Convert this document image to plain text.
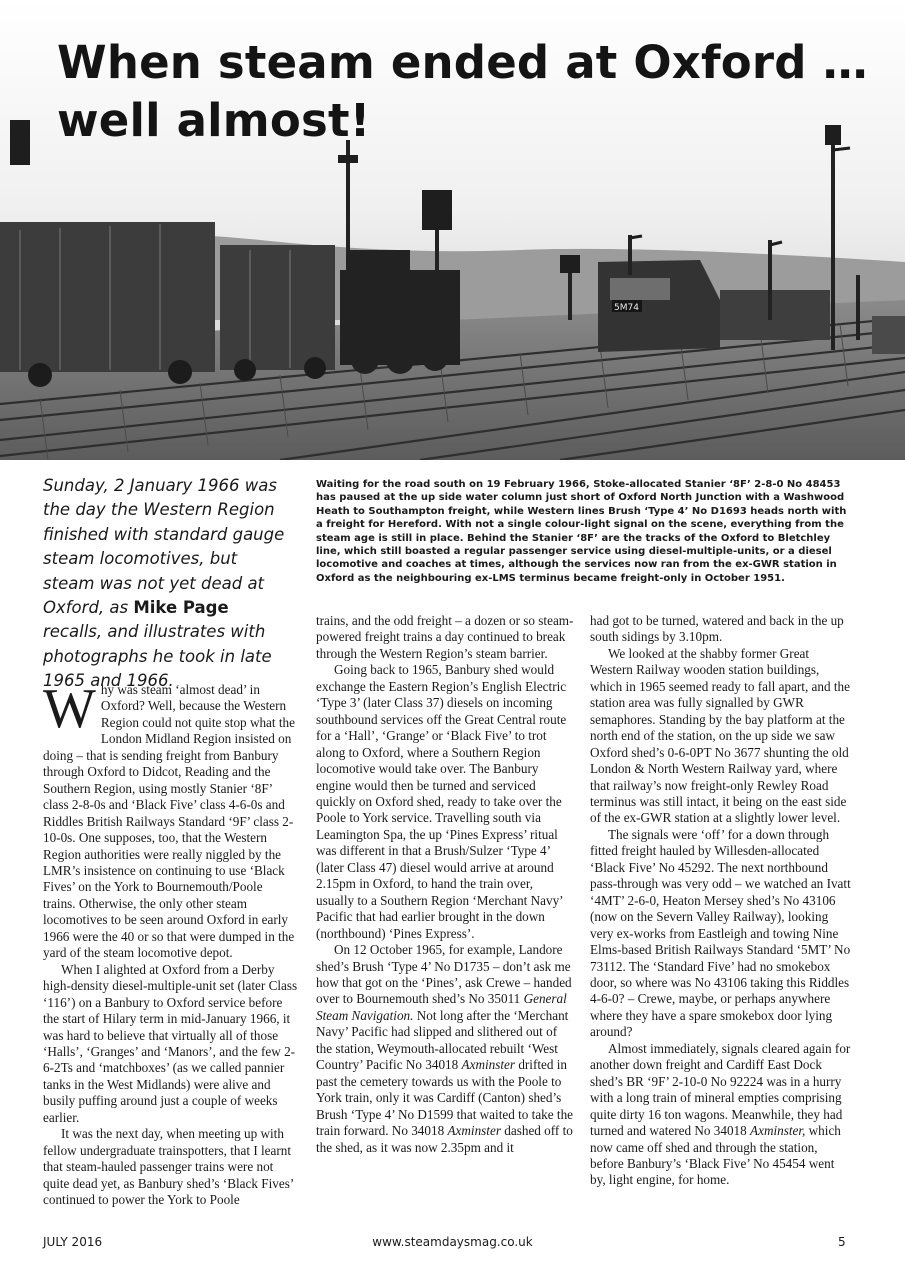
5M74
When steam ended at Oxford …
well almost!

Sunday, 2 January 1966 was the day the Western Region finished with standard gauge steam locomotives, but steam was not yet dead at Oxford, as Mike Page recalls, and illustrates with photographs he took in late 1965 and 1966.

Waiting for the road south on 19 February 1966, Stoke-allocated Stanier ‘8F’ 2-8-0 No 48453 has paused at the up side water column just short of Oxford North Junction with a Washwood Heath to Southampton freight, while Western lines Brush ‘Type 4’ No D1693 heads north with a freight for Hereford. With not a single colour-light signal on the scene, everything from the steam age is still in place. Behind the Stanier ‘8F’ are the tracks of the Oxford to Bletchley line, which still boasted a regular passenger service using diesel-multiple-units, or a diesel locomotive and coaches at times, although the services now ran from the ex-GWR station in Oxford as the neighbouring ex-LMS terminus became freight-only in October 1951.

Why was steam ‘almost dead’ in Oxford? Well, because the Western Region could not quite stop what the London Midland Region insisted on doing – that is sending freight from Banbury through Oxford to Didcot, Reading and the Southern Region, using mostly Stanier ‘8F’ class 2-8-0s and ‘Black Five’ class 4-6-0s and Riddles British Railways Standard ‘9F’ class 2-10-0s. One supposes, too, that the Western Region authorities were really niggled by the LMR’s insistence on continuing to use ‘Black Fives’ on the York to Bournemouth/Poole trains. Otherwise, the only other steam locomotives to be seen around Oxford in early 1966 were the 40 or so that were dumped in the yard of the steam locomotive depot.

When I alighted at Oxford from a Derby high-density diesel-multiple-unit set (later Class ‘116’) on a Banbury to Oxford service before the start of Hilary term in mid-January 1966, it was hard to believe that virtually all of those ‘Halls’, ‘Granges’ and ‘Manors’, and the few 2-6-2Ts and ‘matchboxes’ (as we called pannier tanks in the West Midlands) were alive and busily puffing around just a couple of weeks earlier.

It was the next day, when meeting up with fellow undergraduate trainspotters, that I learnt that steam-hauled passenger trains were not quite dead yet, as Banbury shed’s ‘Black Fives’ continued to power the York to Poole

trains, and the odd freight – a dozen or so steam-powered freight trains a day continued to break through the Western Region’s steam barrier.

Going back to 1965, Banbury shed would exchange the Eastern Region’s English Electric ‘Type 3’ (later Class 37) diesels on incoming southbound services off the Great Central route for a ‘Hall’, ‘Grange’ or ‘Black Five’ to trot along to Oxford, where a Southern Region locomotive would take over. The Banbury engine would then be turned and serviced quickly on Oxford shed, ready to take over the Poole to York service. Travelling south via Leamington Spa, the up ‘Pines Express’ ritual was different in that a Brush/Sulzer ‘Type 4’ (later Class 47) diesel would arrive at around 2.15pm in Oxford, to hand the train over, usually to a Southern Region ‘Merchant Navy’ Pacific that had earlier brought in the down (northbound) ‘Pines Express’.

On 12 October 1965, for example, Landore shed’s Brush ‘Type 4’ No D1735 – don’t ask me how that got on the ‘Pines’, ask Crewe – handed over to Bournemouth shed’s No 35011 General Steam Navigation. Not long after the ‘Merchant Navy’ Pacific had slipped and slithered out of the station, Weymouth-allocated rebuilt ‘West Country’ Pacific No 34018 Axminster drifted in past the cemetery towards us with the Poole to York train, only it was Cardiff (Canton) shed’s Brush ‘Type 4’ No D1599 that waited to take the train forward. No 34018 Axminster dashed off to the shed, as it was now 2.35pm and it

had got to be turned, watered and back in the up south sidings by 3.10pm.

We looked at the shabby former Great Western Railway wooden station buildings, which in 1965 seemed ready to fall apart, and the station area was fully signalled by GWR semaphores. Standing by the bay platform at the north end of the station, on the up side we saw Oxford shed’s 0-6-0PT No 3677 shunting the old London & North Western Railway yard, where that railway’s now freight-only Rewley Road terminus was still intact, it being on the east side of the ex-GWR station at a slightly lower level.

The signals were ‘off’ for a down through fitted freight hauled by Willesden-allocated ‘Black Five’ No 45292. The next northbound pass-through was very odd – we watched an Ivatt ‘4MT’ 2-6-0, Heaton Mersey shed’s No 43106 (now on the Severn Valley Railway), looking very ex-works from Eastleigh and towing Nine Elms-based British Railways Standard ‘5MT’ No 73112. The ‘Standard Five’ had no smokebox door, so where was No 43106 taking this Riddles 4-6-0? – Crewe, maybe, or perhaps anywhere where they have a spare smokebox door lying around?

Almost immediately, signals cleared again for another down freight and Cardiff East Dock shed’s BR ‘9F’ 2-10-0 No 92224 was in a hurry with a long train of mineral empties comprising quite dirty 16 ton wagons. Meanwhile, they had turned and watered No 34018 Axminster, which now came off shed and through the station, before Banbury’s ‘Black Five’ No 45454 went by, light engine, for home.

JULY 2016	www.steamdaysmag.co.uk	5
